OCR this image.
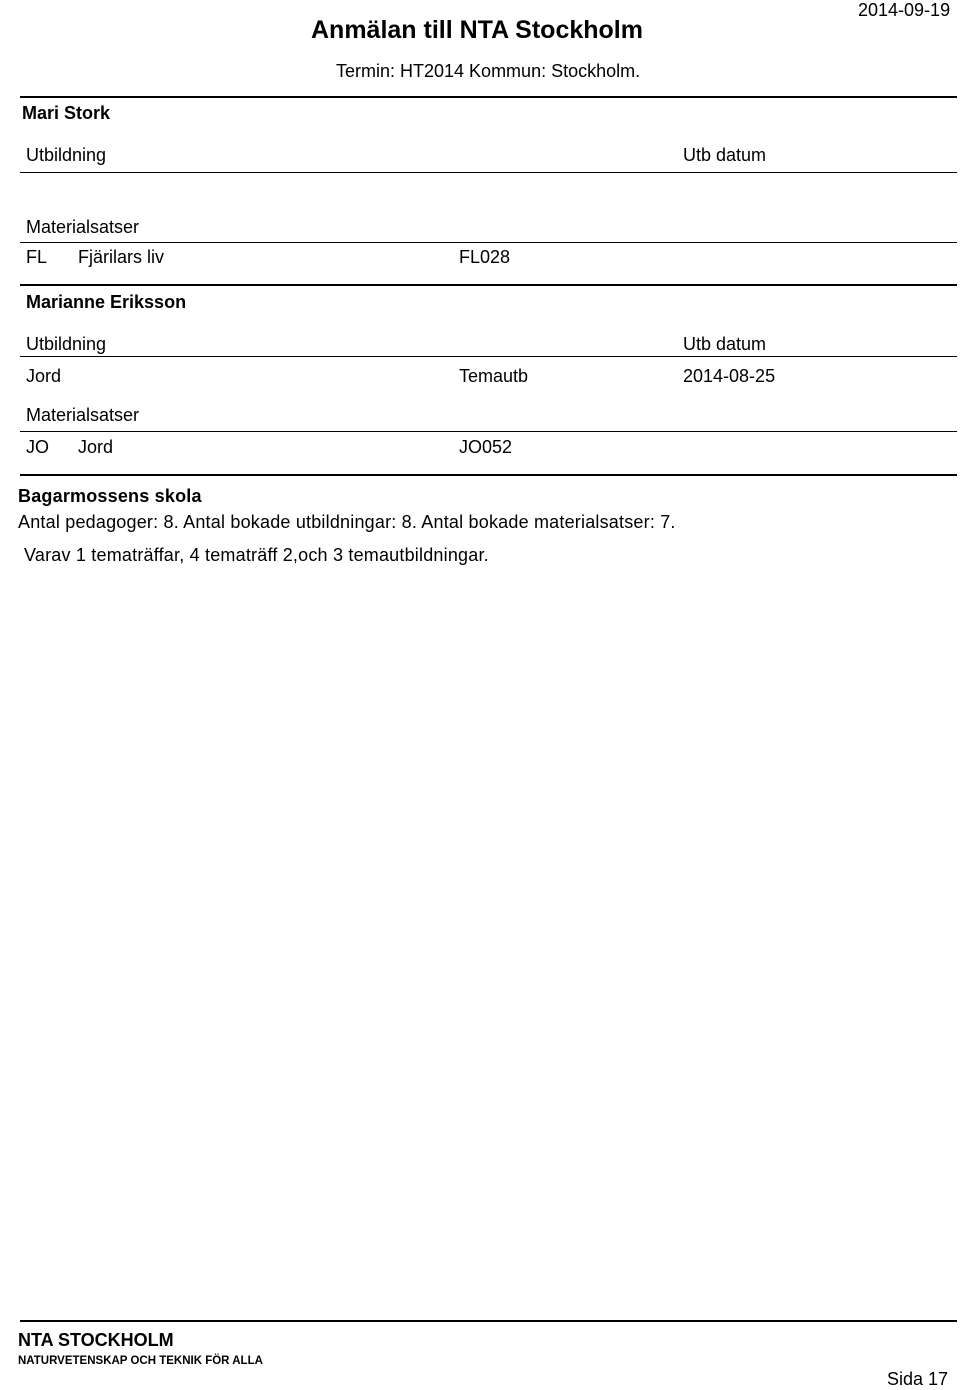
Anmälan till NTA Stockholm
2014-09-19
Termin: HT2014 Kommun: Stockholm.
Mari Stork
Utbildning	Utb datum
Materialsatser
FL Fjärilars liv	FL028
Marianne Eriksson
Utbildning	Utb datum
Jord	Temautb	2014-08-25
Materialsatser
JO Jord	JO052
Bagarmossens skola
Antal pedagoger: 8. Antal bokade utbildningar: 8. Antal bokade materialsatser: 7.
Varav 1 tematräffar, 4 tematräff 2,och 3 temautbildningar.
NTA STOCKHOLM
NATURVETENSKAP OCH TEKNIK FÖR ALLA
Sida 17
